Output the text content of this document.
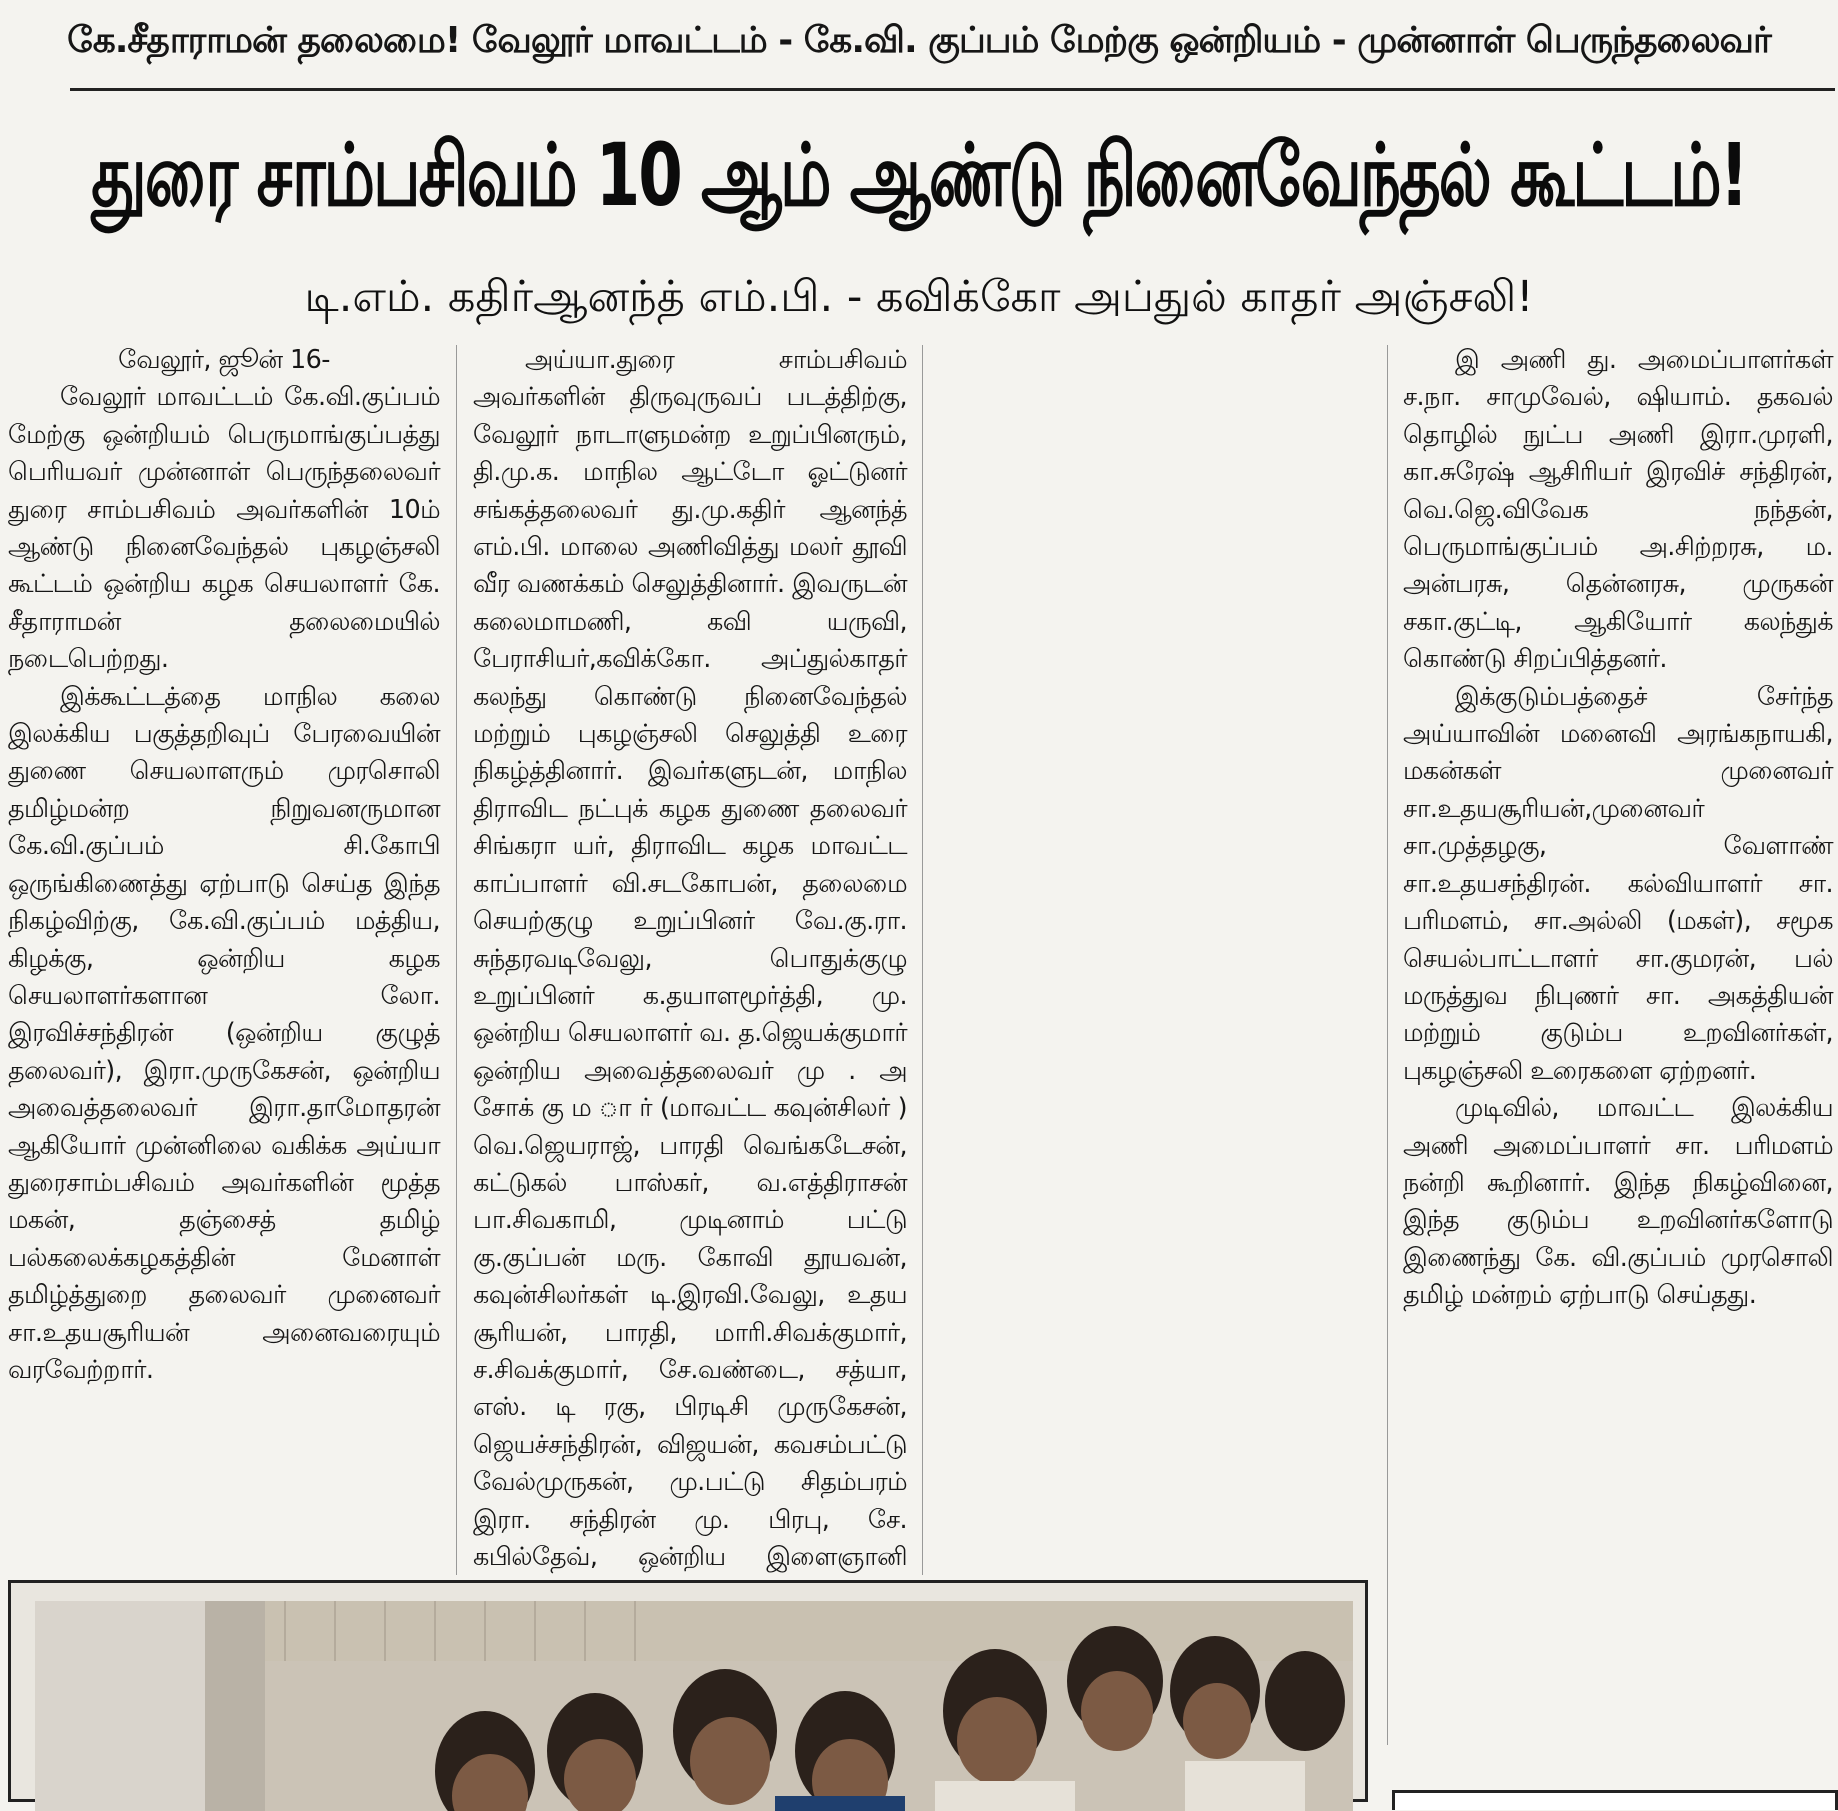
கே.சீதாராமன் தலைமை! வேலூர் மாவட்டம் - கே.வி. குப்பம் மேற்கு ஒன்றியம் - முன்னாள் பெருந்தலைவர்
துரை சாம்பசிவம் 10 ஆம் ஆண்டு நினைவேந்தல் கூட்டம்!
டி.எம். கதிர்ஆனந்த் எம்.பி. - கவிக்கோ அப்துல் காதர் அஞ்சலி!

வேலூர், ஜூன் 16-

வேலூர் மாவட்டம் கே.வி.குப்பம் மேற்கு ஒன்றியம் பெருமாங்குப்பத்து பெரியவர் முன்னாள் பெருந்தலைவர் துரை சாம்பசிவம் அவர்களின் 10ம் ஆண்டு நினைவேந்தல் புகழஞ்சலி கூட்டம் ஒன்றிய கழக செயலாளர் கே. சீதாராமன் தலைமையில் நடைபெற்றது.

இக்கூட்டத்தை மாநில கலை இலக்கிய பகுத்தறிவுப் பேரவையின் துணை செயலாளரும் முரசொலி தமிழ்மன்ற நிறுவனருமான கே.வி.குப்பம் சி.கோபி ஒருங்கிணைத்து ஏற்பாடு செய்த இந்த நிகழ்விற்கு, கே.வி.குப்பம் மத்திய, கிழக்கு, ஒன்றிய கழக செயலாளர்களான லோ. இரவிச்சந்திரன் (ஒன்றிய குழுத் தலைவர்), இரா.முருகேசன், ஒன்றிய அவைத்தலைவர் இரா.தாமோதரன் ஆகியோர் முன்னிலை வகிக்க அய்யா துரைசாம்பசிவம் அவர்களின் மூத்த மகன், தஞ்சைத் தமிழ் பல்கலைக்கழகத்தின் மேனாள் தமிழ்த்துறை தலைவர் முனைவர் சா.உதயசூரியன் அனைவரையும் வரவேற்றார்.

அய்யா.துரை சாம்பசிவம் அவர்களின் திருவுருவப் படத்திற்கு, வேலூர் நாடாளுமன்ற உறுப்பினரும், தி.மு.க. மாநில ஆட்டோ ஓட்டுனர் சங்கத்தலைவர் து.மு.கதிர் ஆனந்த் எம்.பி. மாலை அணிவித்து மலர் தூவி வீர வணக்கம் செலுத்தினார். இவருடன் கலைமாமணி, கவி யருவி, பேராசியர்,கவிக்கோ. அப்துல்காதர் கலந்து கொண்டு நினைவேந்தல் மற்றும் புகழஞ்சலி செலுத்தி உரை நிகழ்த்தினார். இவர்களுடன், மாநில திராவிட நட்புக் கழக துணை தலைவர் சிங்கரா யர், திராவிட கழக மாவட்ட காப்பாளர் வி.சடகோபன், தலைமை செயற்குழு உறுப்பினர் வே.கு.ரா. சுந்தரவடிவேலு, பொதுக்குழு உறுப்பினர் க.தயாளமூர்த்தி, மு. ஒன்றிய செயலாளர் வ. த.ஜெயக்குமார் ஒன்றிய அவைத்தலைவர் மு . அ சோக் கு ம ா ர் (மாவட்ட கவுன்சிலர் ) வெ.ஜெயராஜ், பாரதி வெங்கடேசன், கட்டுகல் பாஸ்கர், வ.எத்திராசன் பா.சிவகாமி, முடினாம் பட்டு கு.குப்பன் மரு. கோவி தூயவன், கவுன்சிலர்கள் டி.இரவி.வேலு, உதய சூரியன், பாரதி, மாரி.சிவக்குமார், ச.சிவக்குமார், சே.வண்டை, சத்யா, எஸ். டி ரகு, பிரடிசி முருகேசன், ஜெயச்சந்திரன், விஜயன், கவசம்பட்டு வேல்முருகன், மு.பட்டு சிதம்பரம் இரா. சந்திரன் மு. பிரபு, சே. கபில்தேவ், ஒன்றிய இளைஞானி

இ அணி து. அமைப்பாளர்கள் ச.நா. சாமுவேல், ஷியாம். தகவல் தொழில் நுட்ப அணி இரா.முரளி, கா.சுரேஷ் ஆசிரியர் இரவிச் சந்திரன், வெ.ஜெ.விவேக நந்தன், பெருமாங்குப்பம் அ.சிற்றரசு, ம. அன்பரசு, தென்னரசு, முருகன் சகா.குட்டி, ஆகியோர் கலந்துக் கொண்டு சிறப்பித்தனர்.

இக்குடும்பத்தைச் சேர்ந்த அய்யாவின் மனைவி அரங்கநாயகி, மகன்கள் முனைவர் சா.உதயசூரியன்,முனைவர் சா.முத்தழகு, வேளாண் சா.உதயசந்திரன். கல்வியாளர் சா. பரிமளம், சா.அல்லி (மகள்), சமூக செயல்பாட்டாளர் சா.குமரன், பல் மருத்துவ நிபுணர் சா. அகத்தியன் மற்றும் குடும்ப உறவினர்கள், புகழஞ்சலி உரைகளை ஏற்றனர்.

முடிவில், மாவட்ட இலக்கிய அணி அமைப்பாளர் சா. பரிமளம் நன்றி கூறினார். இந்த நிகழ்வினை, இந்த குடும்ப உறவினர்களோடு இணைந்து கே. வி.குப்பம் முரசொலி தமிழ் மன்றம் ஏற்பாடு செய்தது.
